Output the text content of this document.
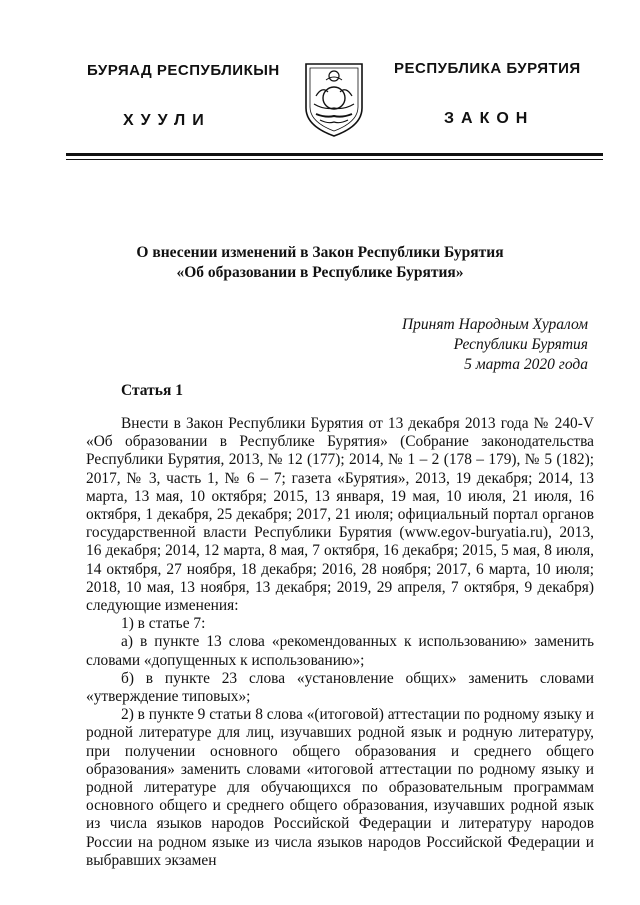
БУРЯАД РЕСПУБЛИКЫН
ХУУЛИ
РЕСПУБЛИКА БУРЯТИЯ
ЗАКОН
О внесении изменений в Закон Республики Бурятия
«Об образовании в Республике Бурятия»
Принят Народным Хуралом
Республики Бурятия
5 марта 2020 года
Статья 1

Внести в Закон Республики Бурятия от 13 декабря 2013 года № 240-V «Об образовании в Республике Бурятия» (Собрание законодательства Республики Бурятия, 2013, № 12 (177); 2014, № 1 – 2 (178 – 179), № 5 (182); 2017, № 3, часть 1, № 6 – 7; газета «Бурятия», 2013, 19 декабря; 2014, 13 марта, 13 мая, 10 октября; 2015, 13 января, 19 мая, 10 июля, 21 июля, 16 октября, 1 декабря, 25 декабря; 2017, 21 июля; официальный портал органов государственной власти Республики Бурятия (www.egov-buryatia.ru), 2013, 16 декабря; 2014, 12 марта, 8 мая, 7 октября, 16 декабря; 2015, 5 мая, 8 июля, 14 октября, 27 ноября, 18 декабря; 2016, 28 ноября; 2017, 6 марта, 10 июля; 2018, 10 мая, 13 ноября, 13 декабря; 2019, 29 апреля, 7 октября, 9 декабря) следующие изменения:

1) в статье 7:

а) в пункте 13 слова «рекомендованных к использованию» заменить словами «допущенных к использованию»;

б) в пункте 23 слова «установление общих» заменить словами «утверждение типовых»;

2) в пункте 9 статьи 8 слова «(итоговой) аттестации по родному языку и родной литературе для лиц, изучавших родной язык и родную литературу, при получении основного общего образования и среднего общего образования» заменить словами «итоговой аттестации по родному языку и родной литературе для обучающихся по образовательным программам основного общего и среднего общего образования, изучавших родной язык из числа языков народов Российской Федерации и литературу народов России на родном языке из числа языков народов Российской Федерации и выбравших экзамен
